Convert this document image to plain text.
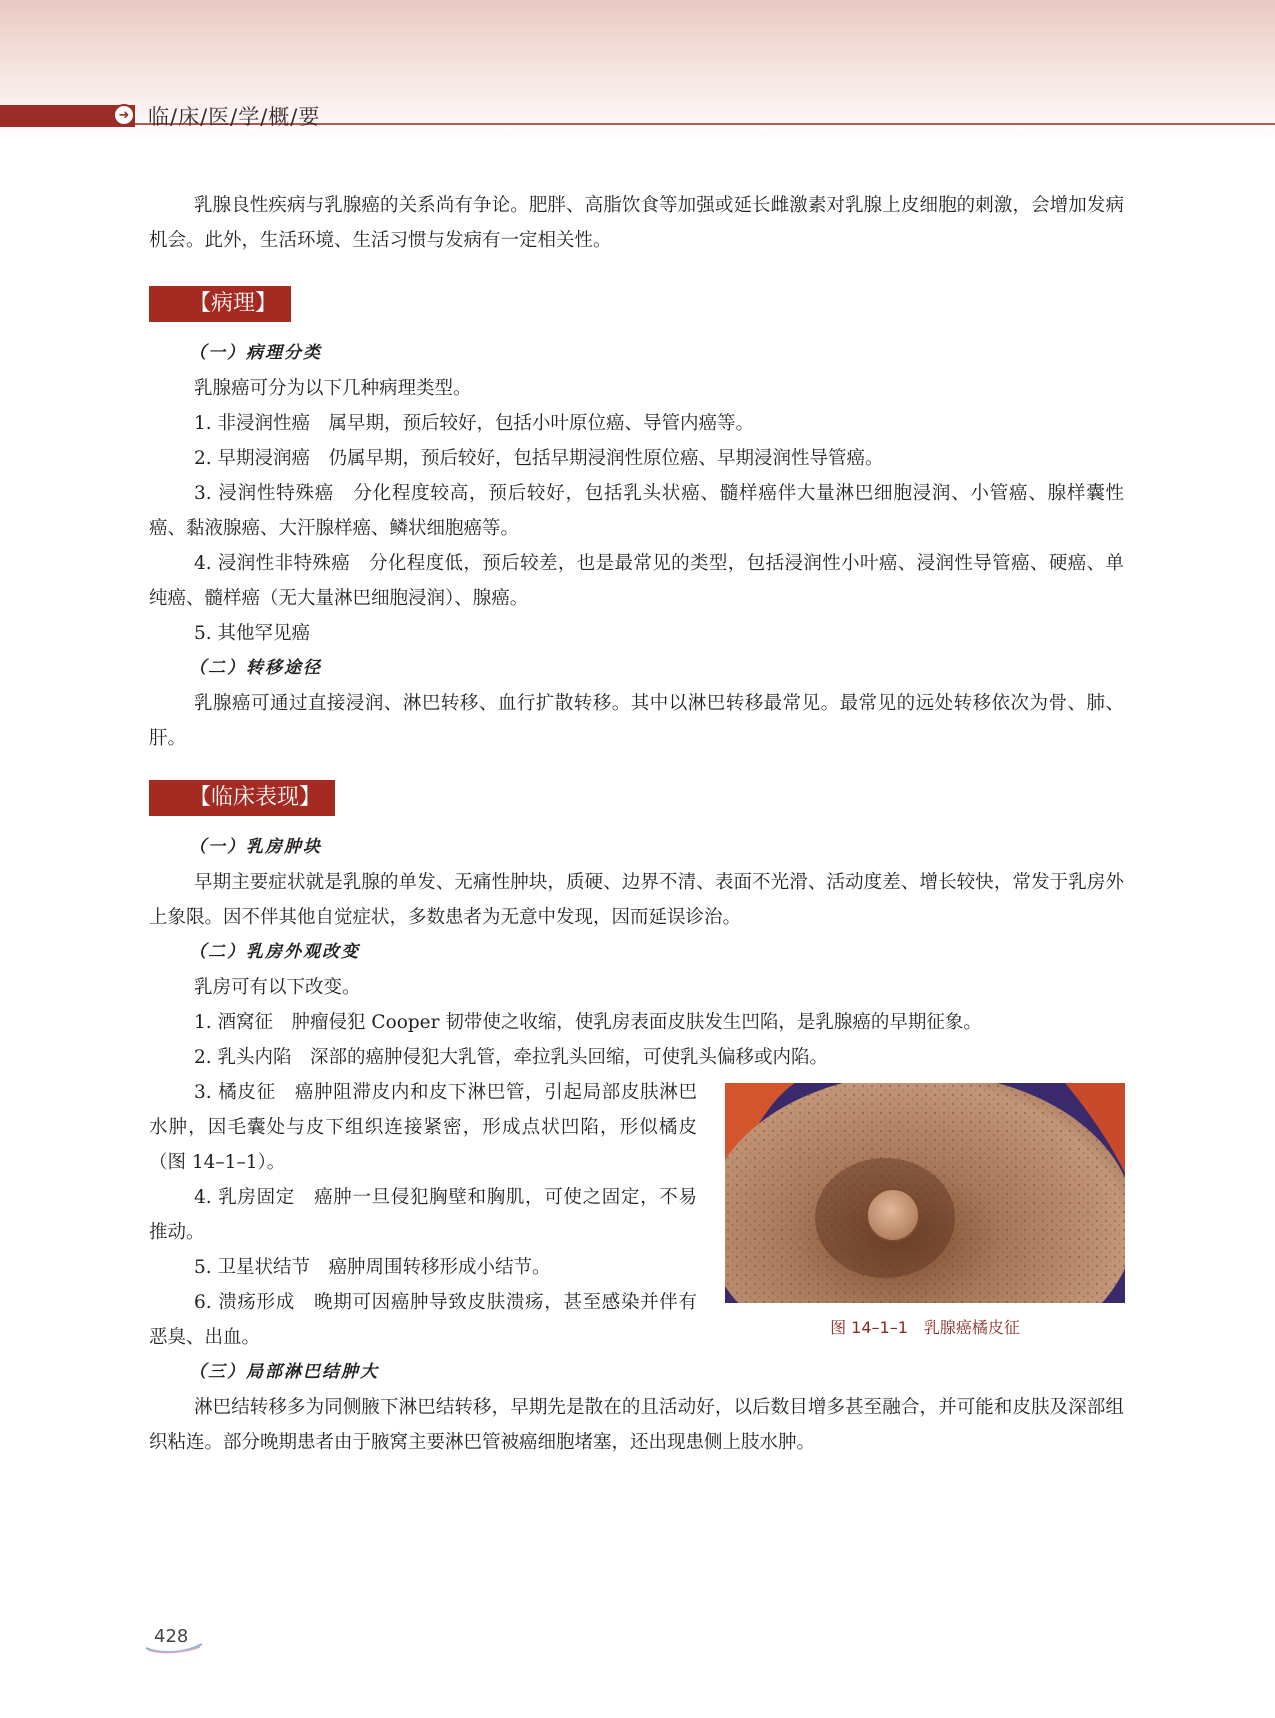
➜ 临/床/医/学/概/要

乳腺良性疾病与乳腺癌的关系尚有争论。肥胖、高脂饮食等加强或延长雌激素对乳腺上皮细胞的刺激，会增加发病机会。此外，生活环境、生活习惯与发病有一定相关性。

【病理】
（一）病理分类

乳腺癌可分为以下几种病理类型。

1. 非浸润性癌　属早期，预后较好，包括小叶原位癌、导管内癌等。

2. 早期浸润癌　仍属早期，预后较好，包括早期浸润性原位癌、早期浸润性导管癌。

3. 浸润性特殊癌　分化程度较高，预后较好，包括乳头状癌、髓样癌伴大量淋巴细胞浸润、小管癌、腺样囊性癌、黏液腺癌、大汗腺样癌、鳞状细胞癌等。

4. 浸润性非特殊癌　分化程度低，预后较差，也是最常见的类型，包括浸润性小叶癌、浸润性导管癌、硬癌、单纯癌、髓样癌（无大量淋巴细胞浸润）、腺癌。

5. 其他罕见癌

（二）转移途径

乳腺癌可通过直接浸润、淋巴转移、血行扩散转移。其中以淋巴转移最常见。最常见的远处转移依次为骨、肺、肝。

【临床表现】
（一）乳房肿块

早期主要症状就是乳腺的单发、无痛性肿块，质硬、边界不清、表面不光滑、活动度差、增长较快，常发于乳房外上象限。因不伴其他自觉症状，多数患者为无意中发现，因而延误诊治。

（二）乳房外观改变

乳房可有以下改变。

1. 酒窝征　肿瘤侵犯 Cooper 韧带使之收缩，使乳房表面皮肤发生凹陷，是乳腺癌的早期征象。

2. 乳头内陷　深部的癌肿侵犯大乳管，牵拉乳头回缩，可使乳头偏移或内陷。

3. 橘皮征　癌肿阻滞皮内和皮下淋巴管，引起局部皮肤淋巴水肿，因毛囊处与皮下组织连接紧密，形成点状凹陷，形似橘皮（图 14–1–1）。

4. 乳房固定　癌肿一旦侵犯胸壁和胸肌，可使之固定，不易推动。

5. 卫星状结节　癌肿周围转移形成小结节。

6. 溃疡形成　晚期可因癌肿导致皮肤溃疡，甚至感染并伴有恶臭、出血。	图 14–1–1　乳腺癌橘皮征
（三）局部淋巴结肿大

淋巴结转移多为同侧腋下淋巴结转移，早期先是散在的且活动好，以后数目增多甚至融合，并可能和皮肤及深部组织粘连。部分晚期患者由于腋窝主要淋巴管被癌细胞堵塞，还出现患侧上肢水肿。

428
